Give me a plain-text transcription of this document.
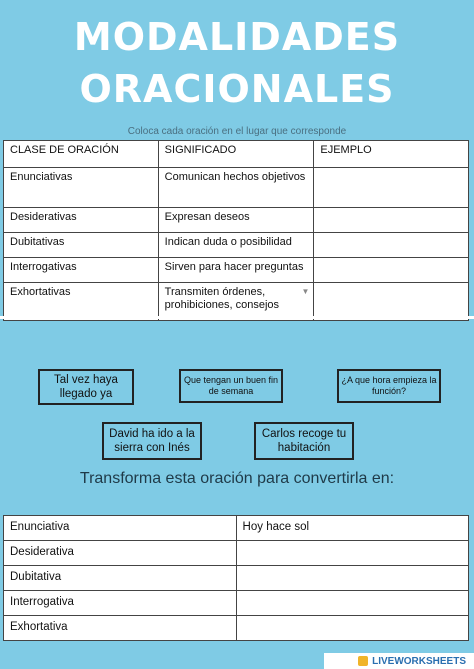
MODALIDADES
ORACIONALES
Coloca cada oración en el lugar que corresponde
CLASE DE ORACIÓN	SIGNIFICADO	EJEMPLO
Enunciativas	Comunican hechos objetivos	
Desiderativas	Expresan deseos	
Dubitativas	Indican duda o posibilidad	
Interrogativas	Sirven para hacer preguntas	
Exhortativas	Transmiten órdenes, prohibiciones, consejos
▼	

Tal vez haya llegado ya
Que tengan un buen fin de semana
¿A que hora empieza la función?
David ha ido a la sierra con Inés
Carlos recoge tu habitación
Transforma esta oración para convertirla en:
Enunciativa	Hoy hace sol
Desiderativa	
Dubitativa	
Interrogativa	
Exhortativa	
LIVEWORKSHEETS
